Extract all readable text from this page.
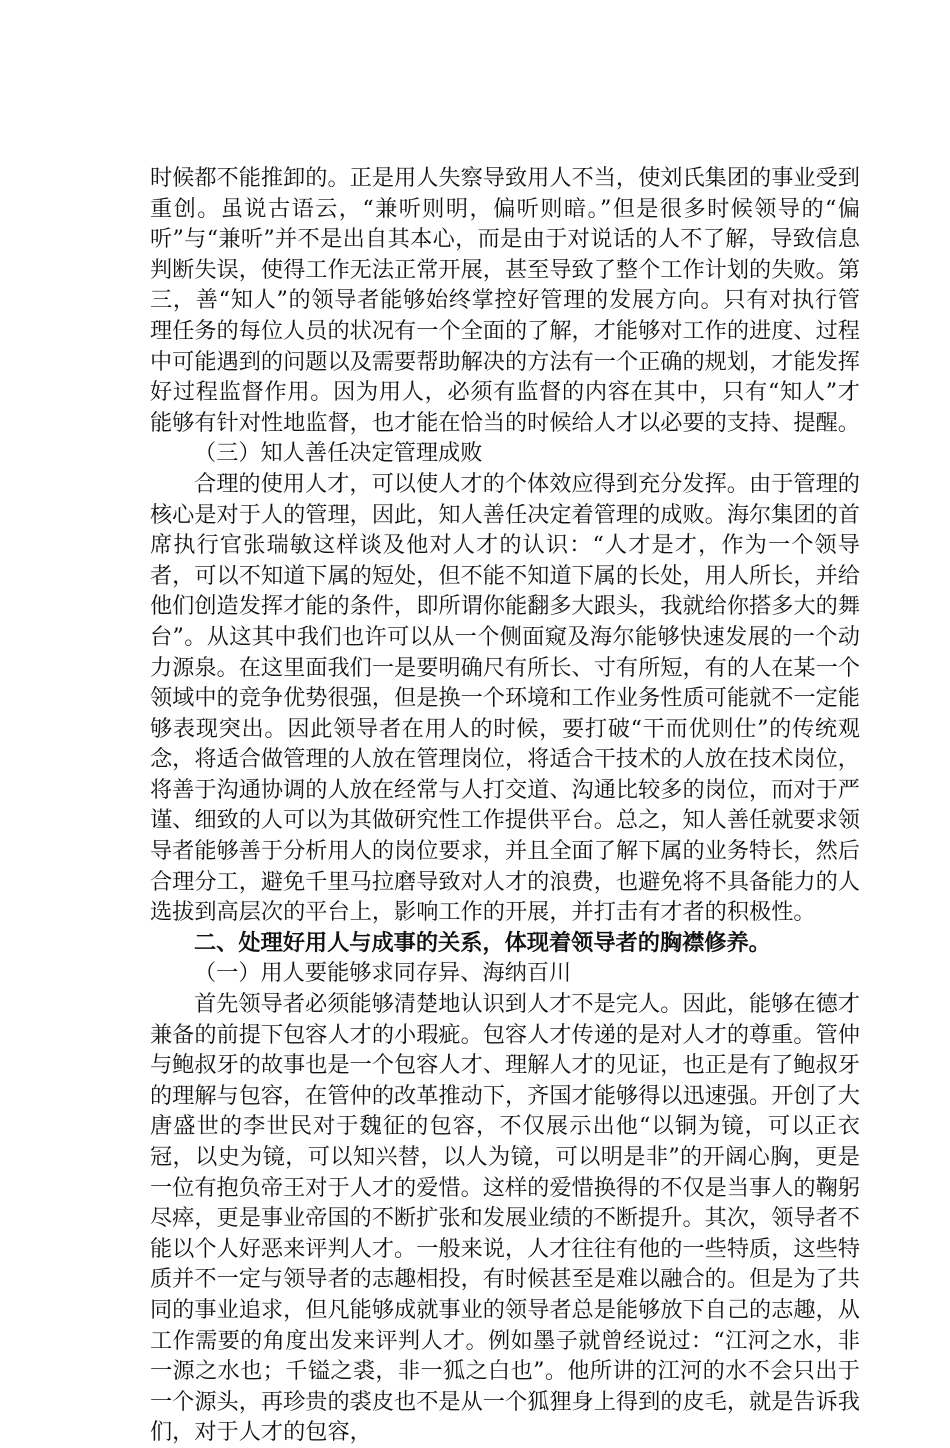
时候都不能推卸的。正是用人失察导致用人不当，使刘氏集团的事业受到重创。虽说古语云，“兼听则明，偏听则暗。”但是很多时候领导的“偏听”与“兼听”并不是出自其本心，而是由于对说话的人不了解，导致信息判断失误，使得工作无法正常开展，甚至导致了整个工作计划的失败。第三，善“知人”的领导者能够始终掌控好管理的发展方向。只有对执行管理任务的每位人员的状况有一个全面的了解，才能够对工作的进度、过程中可能遇到的问题以及需要帮助解决的方法有一个正确的规划，才能发挥好过程监督作用。因为用人，必须有监督的内容在其中，只有“知人”才能够有针对性地监督，也才能在恰当的时候给人才以必要的支持、提醒。

（三）知人善任决定管理成败

合理的使用人才，可以使人才的个体效应得到充分发挥。由于管理的核心是对于人的管理，因此，知人善任决定着管理的成败。海尔集团的首席执行官张瑞敏这样谈及他对人才的认识：“人才是才，作为一个领导者，可以不知道下属的短处，但不能不知道下属的长处，用人所长，并给他们创造发挥才能的条件，即所谓你能翻多大跟头，我就给你搭多大的舞台”。从这其中我们也许可以从一个侧面窥及海尔能够快速发展的一个动力源泉。在这里面我们一是要明确尺有所长、寸有所短，有的人在某一个领域中的竞争优势很强，但是换一个环境和工作业务性质可能就不一定能够表现突出。因此领导者在用人的时候，要打破“干而优则仕”的传统观念，将适合做管理的人放在管理岗位，将适合干技术的人放在技术岗位，将善于沟通协调的人放在经常与人打交道、沟通比较多的岗位，而对于严谨、细致的人可以为其做研究性工作提供平台。总之，知人善任就要求领导者能够善于分析用人的岗位要求，并且全面了解下属的业务特长，然后合理分工，避免千里马拉磨导致对人才的浪费，也避免将不具备能力的人选拔到高层次的平台上，影响工作的开展，并打击有才者的积极性。

二、处理好用人与成事的关系，体现着领导者的胸襟修养。

（一）用人要能够求同存异、海纳百川

首先领导者必须能够清楚地认识到人才不是完人。因此，能够在德才兼备的前提下包容人才的小瑕疵。包容人才传递的是对人才的尊重。管仲与鲍叔牙的故事也是一个包容人才、理解人才的见证，也正是有了鲍叔牙的理解与包容，在管仲的改革推动下，齐国才能够得以迅速强。开创了大唐盛世的李世民对于魏征的包容，不仅展示出他“以铜为镜，可以正衣冠，以史为镜，可以知兴替，以人为镜，可以明是非”的开阔心胸，更是一位有抱负帝王对于人才的爱惜。这样的爱惜换得的不仅是当事人的鞠躬尽瘁，更是事业帝国的不断扩张和发展业绩的不断提升。其次，领导者不能以个人好恶来评判人才。一般来说，人才往往有他的一些特质，这些特质并不一定与领导者的志趣相投，有时候甚至是难以融合的。但是为了共同的事业追求，但凡能够成就事业的领导者总是能够放下自己的志趣，从工作需要的角度出发来评判人才。例如墨子就曾经说过：“江河之水，非一源之水也；千镒之裘，非一狐之白也”。他所讲的江河的水不会只出于一个源头，再珍贵的裘皮也不是从一个狐狸身上得到的皮毛，就是告诉我们，对于人才的包容，
